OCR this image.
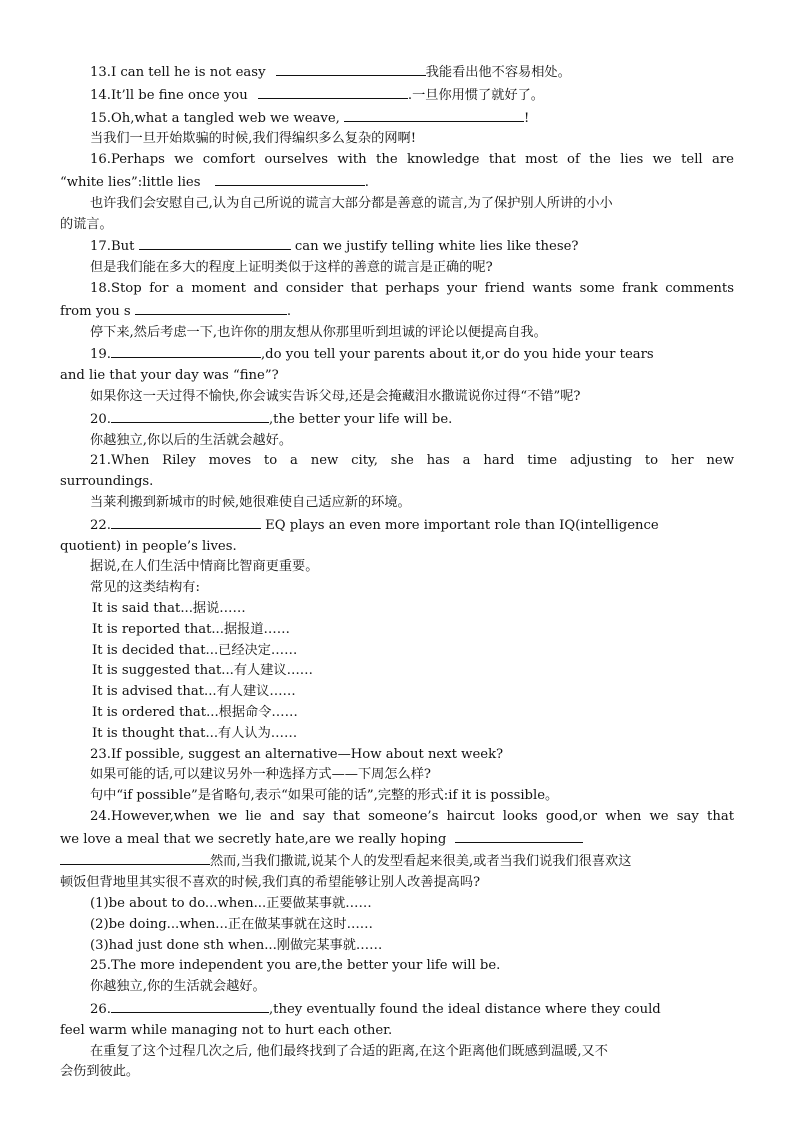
13.I can tell he is not easy	我能看出他不容易相处。
14.It’ll be fine once you	.一旦你用惯了就好了。
15.Oh,what a tangled web we weave,	!
当我们一旦开始欺骗的时候,我们得编织多么复杂的网啊!
16.Perhaps we comfort ourselves with the knowledge that most of the lies we tell are
“white lies”:little lies	.
也许我们会安慰自己,认为自己所说的谎言大部分都是善意的谎言,为了保护别人所讲的小小
的谎言。
17.But	can we justify telling white lies like these?
但是我们能在多大的程度上证明类似于这样的善意的谎言是正确的呢?
18.Stop for a moment and consider that perhaps your friend wants some frank comments
from you s	.
停下来,然后考虑一下,也许你的朋友想从你那里听到坦诚的评论以便提高自我。
19.	,do you tell your parents about it,or do you hide your tears
and lie that your day was “fine”?
如果你这一天过得不愉快,你会诚实告诉父母,还是会掩藏泪水撒谎说你过得“不错”呢?
20.	,the better your life will be.
你越独立,你以后的生活就会越好。
21.When Riley moves to a new city, she has a hard time adjusting to her new
surroundings.
当莱利搬到新城市的时候,她很难使自己适应新的环境。
22.	EQ plays an even more important role than IQ(intelligence
quotient) in people’s lives.
据说,在人们生活中情商比智商更重要。
常见的这类结构有:
It is said that...据说……
It is reported that...据报道……
It is decided that...已经决定……
It is suggested that...有人建议……
It is advised that...有人建议……
It is ordered that...根据命令……
It is thought that...有人认为……
23.If possible, suggest an alternative—How about next week?
如果可能的话,可以建议另外一种选择方式——下周怎么样?
句中“if possible”是省略句,表示“如果可能的话”,完整的形式:if it is possible。
24.However,when we lie and say that someone’s haircut looks good,or when we say that
we love a meal that we secretly hate,are we really hoping
然而,当我们撒谎,说某个人的发型看起来很美,或者当我们说我们很喜欢这
顿饭但背地里其实很不喜欢的时候,我们真的希望能够让别人改善提高吗?
(1)be about to do...when...正要做某事就……
(2)be doing...when...正在做某事就在这时……
(3)had just done sth when...刚做完某事就……
25.The more independent you are,the better your life will be.
你越独立,你的生活就会越好。
26.	,they eventually found the ideal distance where they could
feel warm while managing not to hurt each other.
在重复了这个过程几次之后, 他们最终找到了合适的距离,在这个距离他们既感到温暖,又不
会伤到彼此。
